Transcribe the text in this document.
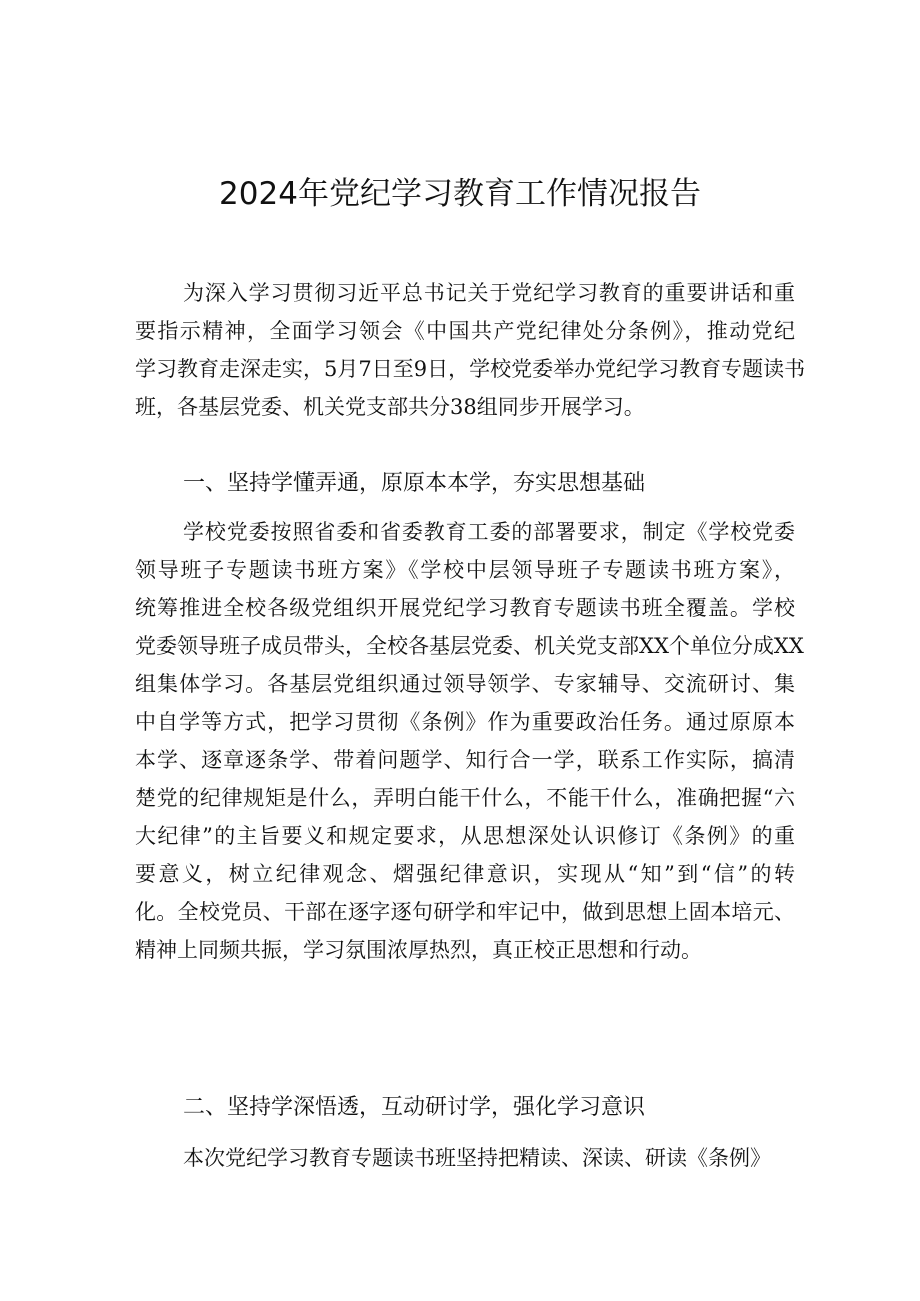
2024年党纪学习教育工作情况报告
为深入学习贯彻习近平总书记关于党纪学习教育的重要讲话和重
要指示精神，全面学习领会《中国共产党纪律处分条例》，推动党纪
学习教育走深走实，5月7日至9日，学校党委举办党纪学习教育专题读书
班，各基层党委、机关党支部共分38组同步开展学习。
一、坚持学懂弄通，原原本本学，夯实思想基础
学校党委按照省委和省委教育工委的部署要求，制定《学校党委
领导班子专题读书班方案》《学校中层领导班子专题读书班方案》，
统筹推进全校各级党组织开展党纪学习教育专题读书班全覆盖。学校
党委领导班子成员带头，全校各基层党委、机关党支部XX个单位分成XX
组集体学习。各基层党组织通过领导领学、专家辅导、交流研讨、集
中自学等方式，把学习贯彻《条例》作为重要政治任务。通过原原本
本学、逐章逐条学、带着问题学、知行合一学，联系工作实际，搞清
楚党的纪律规矩是什么，弄明白能干什么，不能干什么，准确把握“六
大纪律”的主旨要义和规定要求，从思想深处认识修订《条例》的重
要意义，树立纪律观念、熠强纪律意识，实现从“知”到“信”的转
化。全校党员、干部在逐字逐句研学和牢记中，做到思想上固本培元、
精神上同频共振，学习氛围浓厚热烈，真正校正思想和行动。
二、坚持学深悟透，互动研讨学，强化学习意识
本次党纪学习教育专题读书班坚持把精读、深读、研读《条例》
